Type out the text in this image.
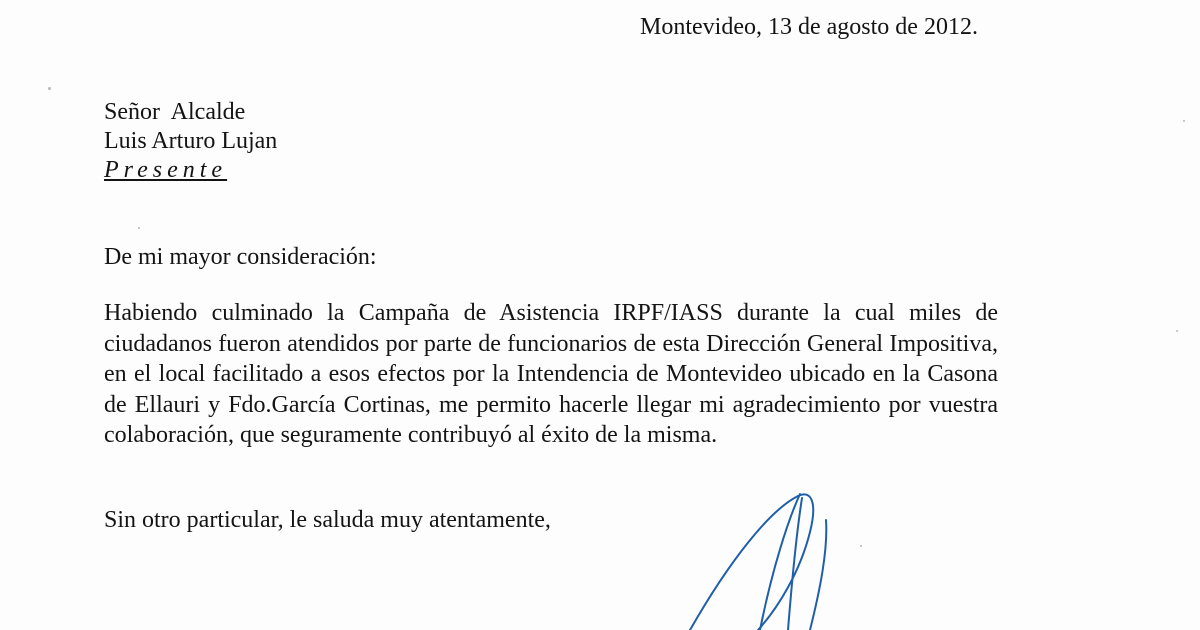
Montevideo, 13 de agosto de 2012.
Señor  Alcalde
Luis Arturo Lujan
Presente
De mi mayor consideración:
Habiendo culminado la Campaña de Asistencia IRPF/IASS durante la cual miles de ciudadanos fueron atendidos por parte de funcionarios de esta Dirección General Impositiva, en el local facilitado a esos efectos por la Intendencia de Montevideo ubicado en la Casona de Ellauri y Fdo.García Cortinas, me permito hacerle llegar mi agradecimiento por vuestra colaboración, que seguramente contribuyó al éxito de la misma.
Sin otro particular, le saluda muy atentamente,
